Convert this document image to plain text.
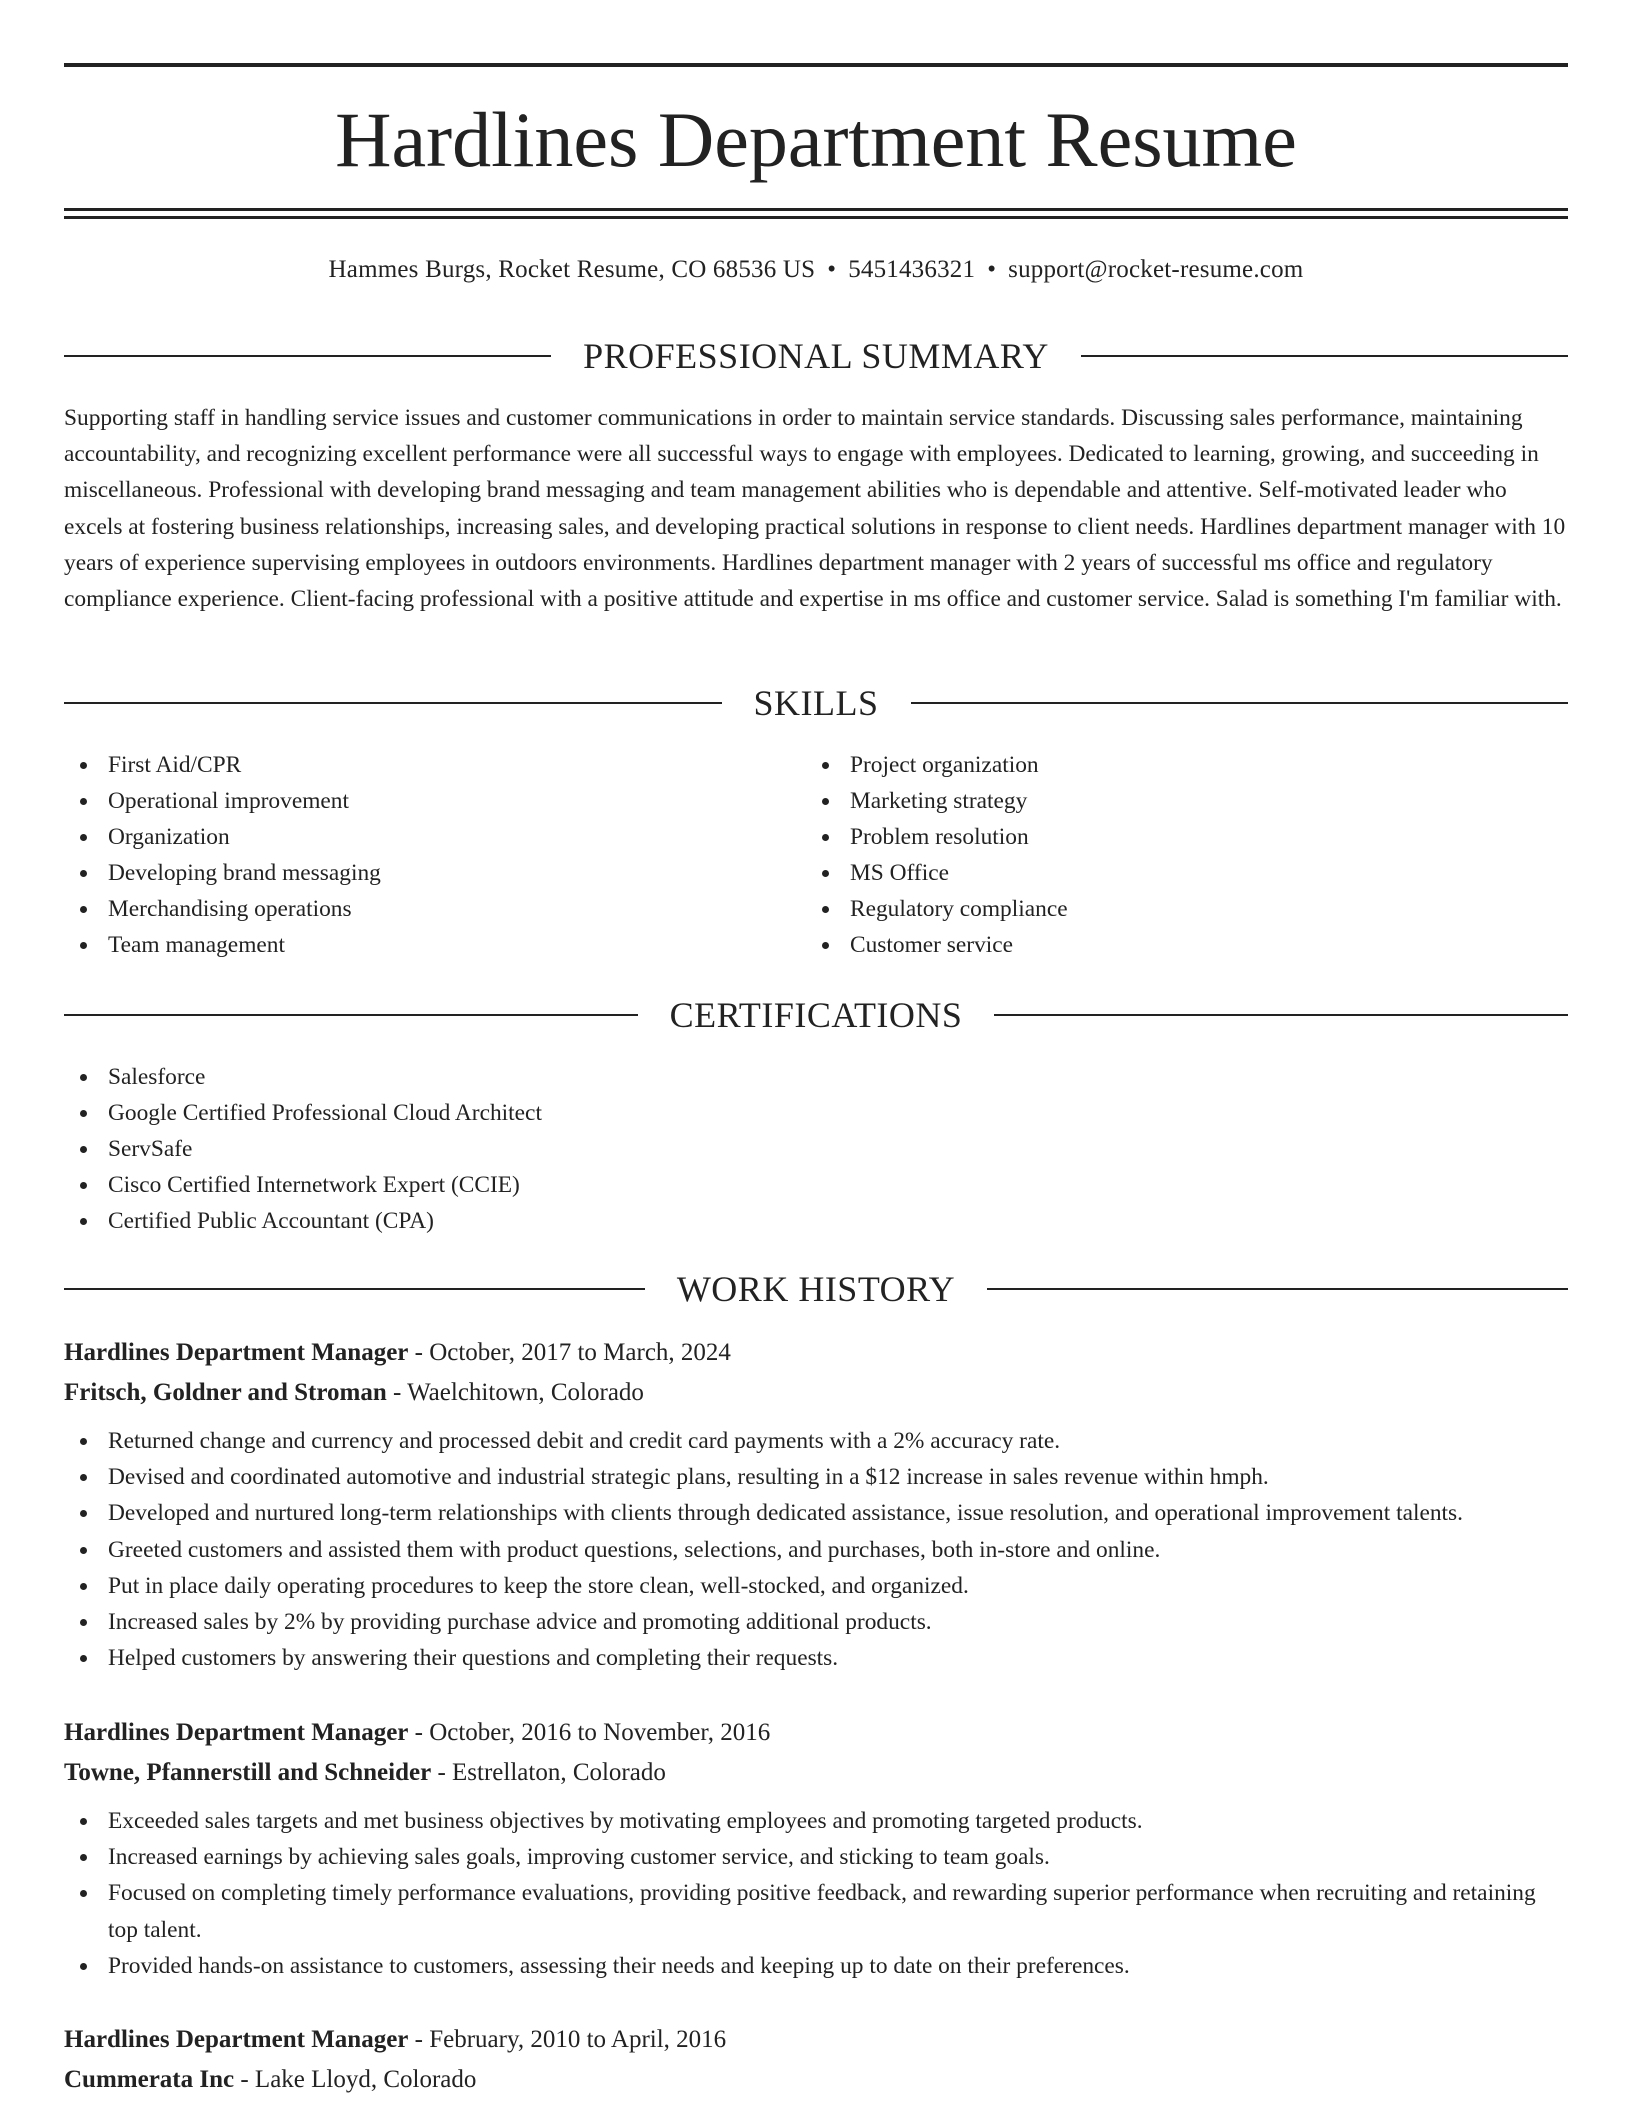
Hardlines Department Resume
Hammes Burgs, Rocket Resume, CO 68536 US • 5451436321 • support@rocket-resume.com
PROFESSIONAL SUMMARY

Supporting staff in handling service issues and customer communications in order to maintain service standards. Discussing sales performance, maintaining accountability, and recognizing excellent performance were all successful ways to engage with employees. Dedicated to learning, growing, and succeeding in miscellaneous. Professional with developing brand messaging and team management abilities who is dependable and attentive. Self-motivated leader who excels at fostering business relationships, increasing sales, and developing practical solutions in response to client needs. Hardlines department manager with 10 years of experience supervising employees in outdoors environments. Hardlines department manager with 2 years of successful ms office and regulatory compliance experience. Client-facing professional with a positive attitude and expertise in ms office and customer service. Salad is something I'm familiar with.

SKILLS
First Aid/CPR
Operational improvement
Organization
Developing brand messaging
Merchandising operations
Team management
Project organization
Marketing strategy
Problem resolution
MS Office
Regulatory compliance
Customer service
CERTIFICATIONS
Salesforce
Google Certified Professional Cloud Architect
ServSafe
Cisco Certified Internetwork Expert (CCIE)
Certified Public Accountant (CPA)
WORK HISTORY
Hardlines Department Manager - October, 2017 to March, 2024
Fritsch, Goldner and Stroman - Waelchitown, Colorado
Returned change and currency and processed debit and credit card payments with a 2% accuracy rate.
Devised and coordinated automotive and industrial strategic plans, resulting in a $12 increase in sales revenue within hmph.
Developed and nurtured long-term relationships with clients through dedicated assistance, issue resolution, and operational improvement talents.
Greeted customers and assisted them with product questions, selections, and purchases, both in-store and online.
Put in place daily operating procedures to keep the store clean, well-stocked, and organized.
Increased sales by 2% by providing purchase advice and promoting additional products.
Helped customers by answering their questions and completing their requests.
Hardlines Department Manager - October, 2016 to November, 2016
Towne, Pfannerstill and Schneider - Estrellaton, Colorado
Exceeded sales targets and met business objectives by motivating employees and promoting targeted products.
Increased earnings by achieving sales goals, improving customer service, and sticking to team goals.
Focused on completing timely performance evaluations, providing positive feedback, and rewarding superior performance when recruiting and retaining top talent.
Provided hands-on assistance to customers, assessing their needs and keeping up to date on their preferences.
Hardlines Department Manager - February, 2010 to April, 2016
Cummerata Inc - Lake Lloyd, Colorado
